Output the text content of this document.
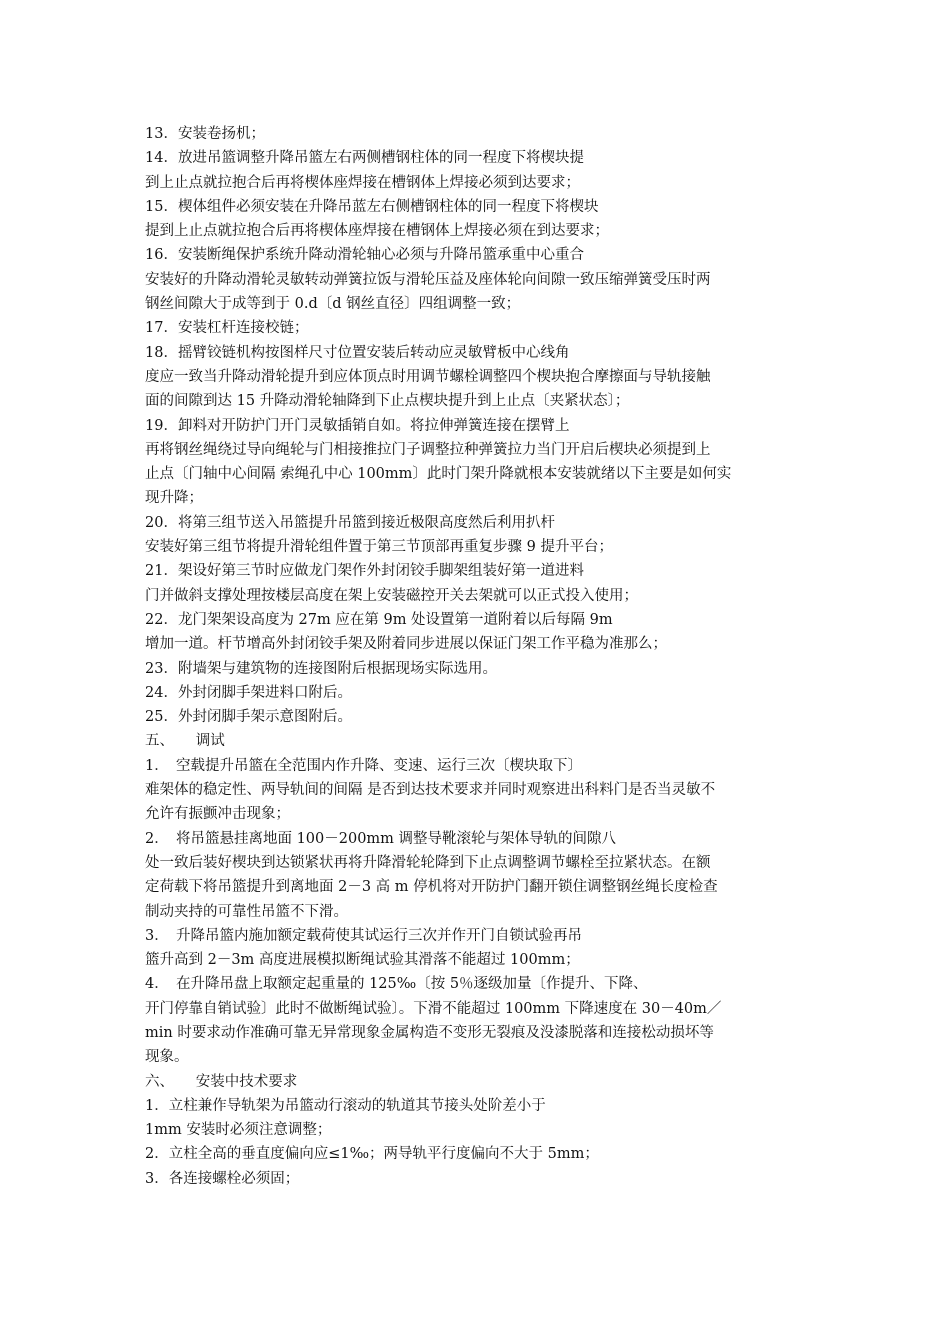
13．安装卷扬机；
14．放进吊篮调整升降吊篮左右两侧槽钢柱体的同一程度下将楔块提
到上止点就拉抱合后再将楔体座焊接在槽钢体上焊接必须到达要求；
15．楔体组件必须安装在升降吊蓝左右侧槽钢柱体的同一程度下将楔块
提到上止点就拉抱合后再将楔体座焊接在槽钢体上焊接必须在到达要求；
16．安装断绳保护系统升降动滑轮轴心必须与升降吊篮承重中心重合
安装好的升降动滑轮灵敏转动弹簧拉饭与滑轮压益及座体轮向间隙一致压缩弹簧受压时两
钢丝间隙大于成等到于 0.d〔d 钢丝直径〕四组调整一致；
17．安装杠杆连接校链；
18．摇臂铰链机构按图样尺寸位置安装后转动应灵敏臂板中心线角
度应一致当升降动滑轮提升到应体顶点时用调节螺栓调整四个楔块抱合摩擦面与导轨接触
面的间隙到达 15 升降动滑轮轴降到下止点楔块提升到上止点〔夹紧状态〕；
19．卸料对开防护门开门灵敏插销自如。将拉伸弹簧连接在摆臂上
再将钢丝绳绕过导向绳轮与门相接推拉门子调整拉种弹簧拉力当门开启后楔块必须提到上
止点〔门轴中心间隔 索绳孔中心 100mm〕此时门架升降就根本安装就绪以下主要是如何实
现升降；
20．将第三组节送入吊篮提升吊篮到接近极限高度然后利用扒杆
安装好第三组节将提升滑轮组件置于第三节顶部再重复步骤 9 提升平台；
21．架设好第三节时应做龙门架作外封闭铰手脚架组装好第一道进料
门并做斜支撑处理按楼层高度在架上安装磁控开关去架就可以正式投入使用；
22．龙门架架设高度为 27m 应在第 9m 处设置第一道附着以后每隔 9m
增加一道。杆节增高外封闭铰手架及附着同步进展以保证门架工作平稳为准那么；
23．附墙架与建筑物的连接图附后根据现场实际选用。
24．外封闭脚手架进料口附后。
25．外封闭脚手架示意图附后。
五、　　调试
1．　空载提升吊篮在全范围内作升降、变速、运行三次〔楔块取下〕
难架体的稳定性、两导轨间的间隔 是否到达技术要求并同时观察进出科料门是否当灵敏不
允许有振颤冲击现象；
2．　将吊篮悬挂离地面 100－200mm 调整导靴滚轮与架体导轨的间隙八
处一致后装好楔块到达锁紧状再将升降滑轮轮降到下止点调整调节螺栓至拉紧状态。在额
定荷载下将吊篮提升到离地面 2－3 高 m 停机将对开防护门翻开锁住调整钢丝绳长度检查
制动夹持的可靠性吊篮不下滑。
3．　升降吊篮内施加额定载荷使其试运行三次并作开门自锁试验再吊
篮升高到 2－3m 高度进展模拟断绳试验其滑落不能超过 100mm；
4．　在升降吊盘上取额定起重量的 125‰〔按 5％逐级加量〔作提升、下降、
开门停靠自销试验〕此时不做断绳试验〕。下滑不能超过 100mm 下降速度在 30－40m／
min 时要求动作准确可靠无异常现象金属构造不变形无裂痕及没漆脱落和连接松动损坏等
现象。
六、　　安装中技术要求
1．立柱兼作导轨架为吊篮动行滚动的轨道其节接头处阶差小于
1mm 安装时必须注意调整；
2．立柱全高的垂直度偏向应≤1‰；两导轨平行度偏向不大于 5mm；
3．各连接螺栓必须固；
